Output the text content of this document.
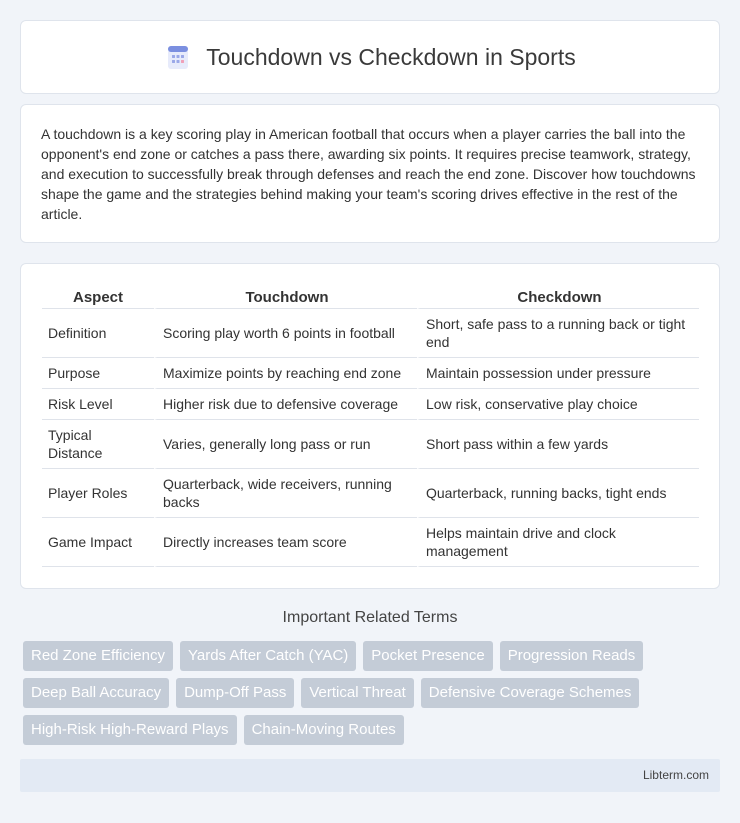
Touchdown vs Checkdown in Sports

A touchdown is a key scoring play in American football that occurs when a player carries the ball into the opponent's end zone or catches a pass there, awarding six points. It requires precise teamwork, strategy, and execution to successfully break through defenses and reach the end zone. Discover how touchdowns shape the game and the strategies behind making your team's scoring drives effective in the rest of the article.

Aspect	Touchdown	Checkdown
Definition	Scoring play worth 6 points in football	Short, safe pass to a running back or tight end
Purpose	Maximize points by reaching end zone	Maintain possession under pressure
Risk Level	Higher risk due to defensive coverage	Low risk, conservative play choice
Typical Distance	Varies, generally long pass or run	Short pass within a few yards
Player Roles	Quarterback, wide receivers, running backs	Quarterback, running backs, tight ends
Game Impact	Directly increases team score	Helps maintain drive and clock management
Important Related Terms
Red Zone Efficiency	Yards After Catch (YAC)	Pocket Presence	Progression Reads
Deep Ball Accuracy	Dump-Off Pass	Vertical Threat	Defensive Coverage Schemes
High-Risk High-Reward Plays	Chain-Moving Routes
Libterm.com
